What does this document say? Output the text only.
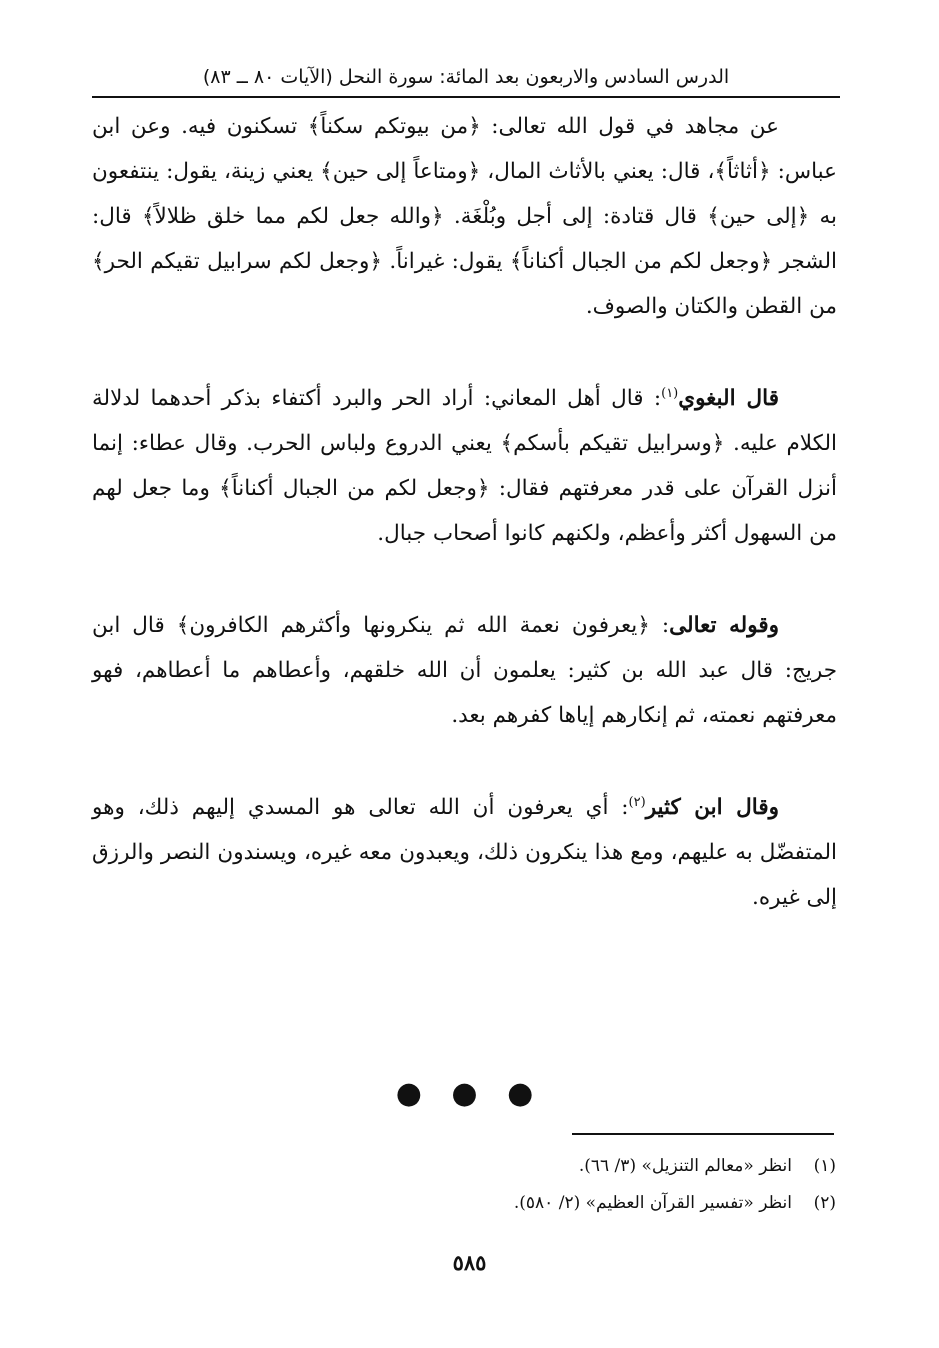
الدرس السادس والاربعون بعد المائة: سورة النحل (الآيات ٨٠ ــ ٨٣)

عن مجاهد في قول الله تعالى: ﴿من بيوتكم سكناً﴾ تسكنون فيه. وعن ابن عباس: ﴿أثاثاً﴾، قال: يعني بالأثاث المال، ﴿ومتاعاً إلى حين﴾ يعني زينة، يقول: ينتفعون به ﴿إلى حين﴾ قال قتادة: إلى أجل وبُلْغَة. ﴿والله جعل لكم مما خلق ظلالاً﴾ قال: الشجر ﴿وجعل لكم من الجبال أكناناً﴾ يقول: غيراناً. ﴿وجعل لكم سرابيل تقيكم الحر﴾ من القطن والكتان والصوف.

قال البغوي$^{(١)}$: قال أهل المعاني: أراد الحر والبرد أكتفاء بذكر أحدهما لدلالة الكلام عليه. ﴿وسرابيل تقيكم بأسكم﴾ يعني الدروع ولباس الحرب. وقال عطاء: إنما أنزل القرآن على قدر معرفتهم فقال: ﴿وجعل لكم من الجبال أكناناً﴾ وما جعل لهم من السهول أكثر وأعظم، ولكنهم كانوا أصحاب جبال.

وقوله تعالى: ﴿يعرفون نعمة الله ثم ينكرونها وأكثرهم الكافرون﴾ قال ابن جريج: قال عبد الله بن كثير: يعلمون أن الله خلقهم، وأعطاهم ما أعطاهم، فهو معرفتهم نعمته، ثم إنكارهم إياها كفرهم بعد.

وقال ابن كثير$^{(٢)}$: أي يعرفون أن الله تعالى هو المسدي إليهم ذلك، وهو المتفضّل به عليهم، ومع هذا ينكرون ذلك، ويعبدون معه غيره، ويسندون النصر والرزق إلى غيره.

● ● ●
(١)انظر «معالم التنزيل» (٣/ ٦٦).
(٢)انظر «تفسير القرآن العظيم» (٢/ ٥٨٠).
٥٨٥
